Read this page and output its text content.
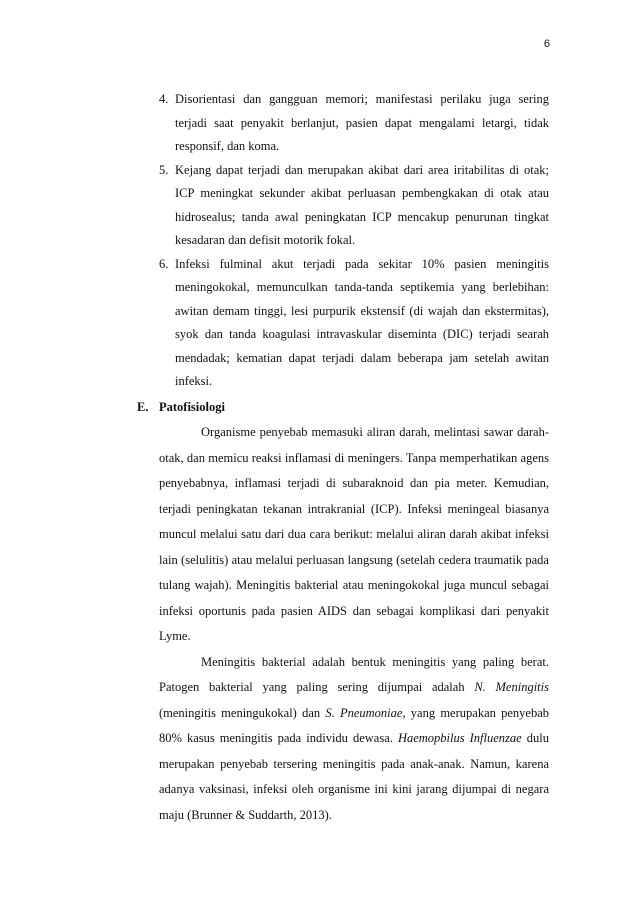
6
4. Disorientasi dan gangguan memori; manifestasi perilaku juga sering terjadi saat penyakit berlanjut, pasien dapat mengalami letargi, tidak responsif, dan koma.
5. Kejang dapat terjadi dan merupakan akibat dari area iritabilitas di otak; ICP meningkat sekunder akibat perluasan pembengkakan di otak atau hidrosealus; tanda awal peningkatan ICP mencakup penurunan tingkat kesadaran dan defisit motorik fokal.
6. Infeksi fulminal akut terjadi pada sekitar 10% pasien meningitis meningokokal, memunculkan tanda-tanda septikemia yang berlebihan: awitan demam tinggi, lesi purpurik ekstensif (di wajah dan ekstermitas), syok dan tanda koagulasi intravaskular diseminta (DIC) terjadi searah mendadak; kematian dapat terjadi dalam beberapa jam setelah awitan infeksi.
E. Patofisiologi

Organisme penyebab memasuki aliran darah, melintasi sawar darah-otak, dan memicu reaksi inflamasi di meningers. Tanpa memperhatikan agens penyebabnya, inflamasi terjadi di subaraknoid dan pia meter. Kemudian, terjadi peningkatan tekanan intrakranial (ICP). Infeksi meningeal biasanya muncul melalui satu dari dua cara berikut: melalui aliran darah akibat infeksi lain (selulitis) atau melalui perluasan langsung (setelah cedera traumatik pada tulang wajah). Meningitis bakterial atau meningokokal juga muncul sebagai infeksi oportunis pada pasien AIDS dan sebagai komplikasi dari penyakit Lyme.

Meningitis bakterial adalah bentuk meningitis yang paling berat. Patogen bakterial yang paling sering dijumpai adalah N. Meningitis (meningitis meningukokal) dan S. Pneumoniae, yang merupakan penyebab 80% kasus meningitis pada individu dewasa. Haemopbilus Influenzae dulu merupakan penyebab tersering meningitis pada anak-anak. Namun, karena adanya vaksinasi, infeksi oleh organisme ini kini jarang dijumpai di negara maju (Brunner & Suddarth, 2013).
